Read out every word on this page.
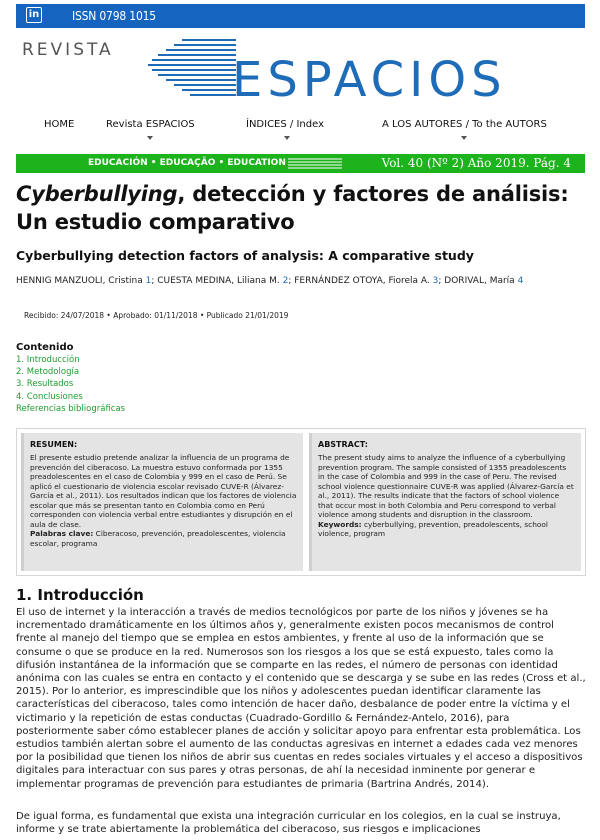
in	ISSN 0798 1015
REVISTA
ESPACIOS
HOME	Revista ESPACIOS	ÍNDICES / Index	A LOS AUTORES / To the AUTORS
EDUCACIÓN • EDUCAÇÃO • EDUCATION	Vol. 40 (Nº 2) Año 2019. Pág. 4
Cyberbullying, detección y factores de análisis: Un estudio comparativo
Cyberbullying detection factors of analysis: A comparative study
HENNIG MANZUOLI, Cristina 1; CUESTA MEDINA, Liliana M. 2; FERNÁNDEZ OTOYA, Fiorela A. 3; DORIVAL, María 4
Recibido: 24/07/2018 • Aprobado: 01/11/2018 • Publicado 21/01/2019
Contenido
1. Introducción
2. Metodología
3. Resultados
4. Conclusiones
Referencias bibliográficas
RESUMEN:

El presente estudio pretende analizar la influencia de un programa de prevención del ciberacoso. La muestra estuvo conformada por 1355 preadolescentes en el caso de Colombia y 999 en el caso de Perú. Se aplicó el cuestionario de violencia escolar revisado CUVE-R (Álvarez-García et al., 2011). Los resultados indican que los factores de violencia escolar que más se presentan tanto en Colombia como en Perú corresponden con violencia verbal entre estudiantes y disrupción en el aula de clase.

Palabras clave: Ciberacoso, prevención, preadolescentes, violencia escolar, programa

ABSTRACT:

The present study aims to analyze the influence of a cyberbullying prevention program. The sample consisted of 1355 preadolescents in the case of Colombia and 999 in the case of Peru. The revised school violence questionnaire CUVE-R was applied (Álvarez-García et al., 2011). The results indicate that the factors of school violence that occur most in both Colombia and Peru correspond to verbal violence among students and disruption in the classroom.

Keywords: cyberbullying, prevention, preadolescents, school violence, program

1. Introducción

El uso de internet y la interacción a través de medios tecnológicos por parte de los niños y jóvenes se ha incrementado dramáticamente en los últimos años y, generalmente existen pocos mecanismos de control frente al manejo del tiempo que se emplea en estos ambientes, y frente al uso de la información que se consume o que se produce en la red. Numerosos son los riesgos a los que se está expuesto, tales como la difusión instantánea de la información que se comparte en las redes, el número de personas con identidad anónima con las cuales se entra en contacto y el contenido que se descarga y se sube en las redes (Cross et al., 2015). Por lo anterior, es imprescindible que los niños y adolescentes puedan identificar claramente las características del ciberacoso, tales como intención de hacer daño, desbalance de poder entre la víctima y el victimario y la repetición de estas conductas (Cuadrado-Gordillo & Fernández-Antelo, 2016), para posteriormente saber cómo establecer planes de acción y solicitar apoyo para enfrentar esta problemática. Los estudios también alertan sobre el aumento de las conductas agresivas en internet a edades cada vez menores por la posibilidad que tienen los niños de abrir sus cuentas en redes sociales virtuales y el acceso a dispositivos digitales para interactuar con sus pares y otras personas, de ahí la necesidad inminente por generar e implementar programas de prevención para estudiantes de primaria (Bartrina Andrés, 2014).

De igual forma, es fundamental que exista una integración curricular en los colegios, en la cual se instruya, informe y se trate abiertamente la problemática del ciberacoso, sus riesgos e implicaciones
